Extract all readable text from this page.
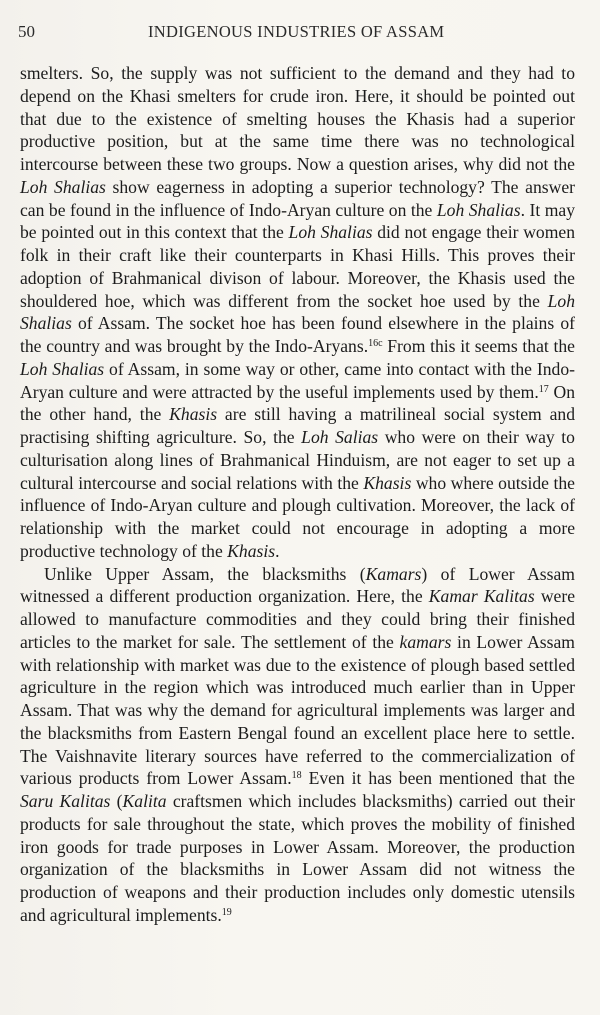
50	INDIGENOUS INDUSTRIES OF ASSAM

smelters. So, the supply was not sufficient to the demand and they had to depend on the Khasi smelters for crude iron. Here, it should be pointed out that due to the existence of smelting houses the Khasis had a superior productive position, but at the same time there was no technological intercourse between these two groups. Now a question arises, why did not the Loh Shalias show eagerness in adopting a superior technology? The answer can be found in the influence of Indo-Aryan culture on the Loh Shalias. It may be pointed out in this context that the Loh Shalias did not engage their women folk in their craft like their counterparts in Khasi Hills. This proves their adoption of Brahmanical divison of labour. Moreover, the Khasis used the shouldered hoe, which was different from the socket hoe used by the Loh Shalias of Assam. The socket hoe has been found elsewhere in the plains of the country and was brought by the Indo-Aryans.$^{16c}$ From this it seems that the Loh Shalias of Assam, in some way or other, came into contact with the Indo-Aryan culture and were attracted by the useful implements used by them.$^{17}$ On the other hand, the Khasis are still having a matrilineal social system and practising shifting agriculture. So, the Loh Salias who were on their way to culturisation along lines of Brahmanical Hinduism, are not eager to set up a cultural intercourse and social relations with the Khasis who where outside the influence of Indo-Aryan culture and plough cultivation. Moreover, the lack of relationship with the market could not encourage in adopting a more productive technology of the Khasis.

Unlike Upper Assam, the blacksmiths (Kamars) of Lower Assam witnessed a different production organization. Here, the Kamar Kalitas were allowed to manufacture commodities and they could bring their finished articles to the market for sale. The settlement of the kamars in Lower Assam with relationship with market was due to the existence of plough based settled agriculture in the region which was introduced much earlier than in Upper Assam. That was why the demand for agricultural implements was larger and the blacksmiths from Eastern Bengal found an excellent place here to settle. The Vaishnavite literary sources have referred to the commercialization of various products from Lower Assam.$^{18}$ Even it has been mentioned that the Saru Kalitas (Kalita craftsmen which includes blacksmiths) carried out their products for sale throughout the state, which proves the mobility of finished iron goods for trade purposes in Lower Assam. Moreover, the production organization of the blacksmiths in Lower Assam did not witness the production of weapons and their production includes only domestic utensils and agricultural implements.$^{19}$
